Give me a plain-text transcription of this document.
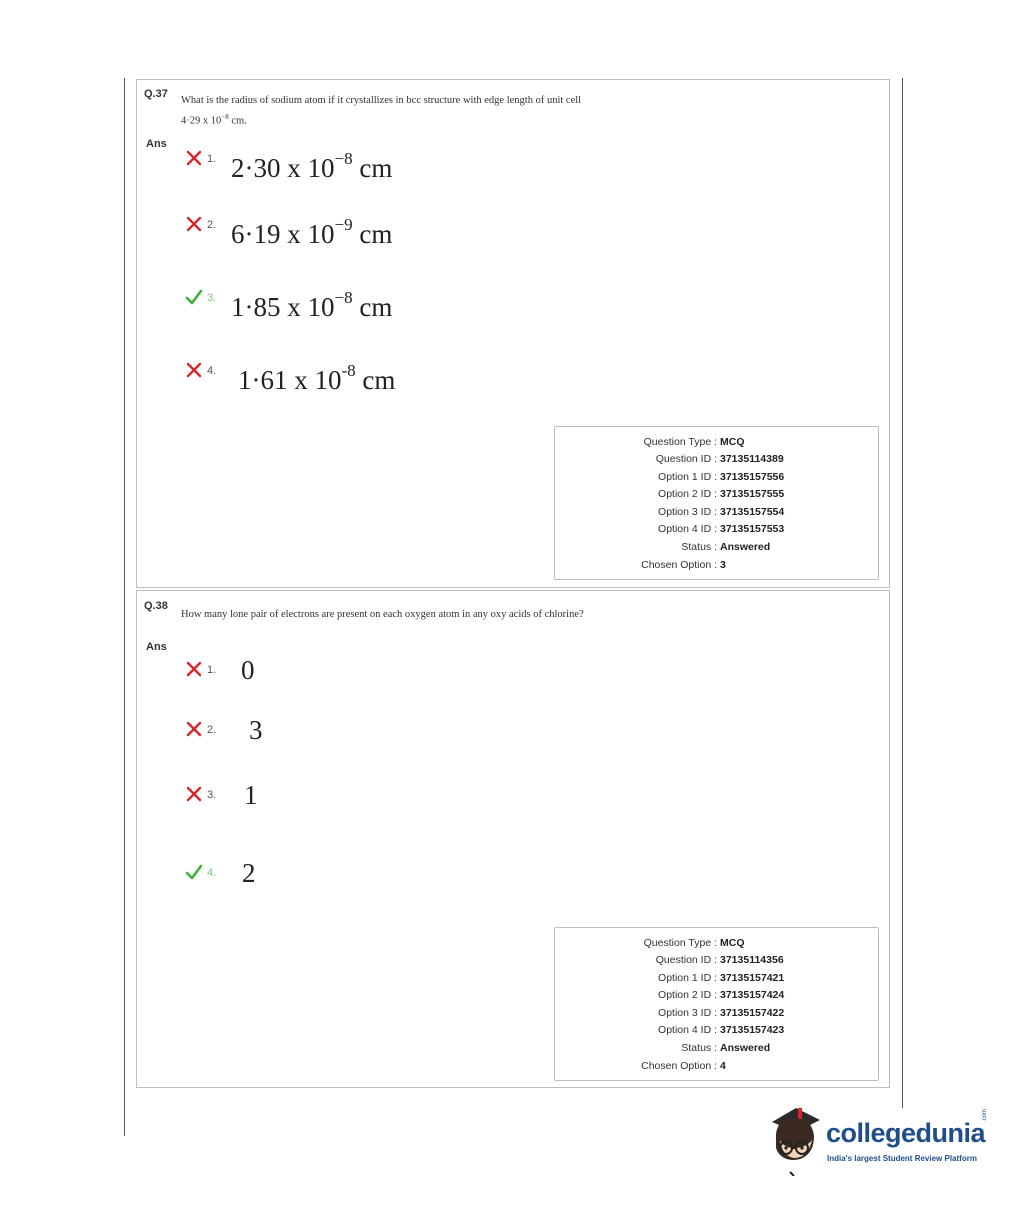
Q.37
What is the radius of sodium atom if it crystallizes in bcc structure with edge length of unit cell
4·29 x $10^{-8}$ cm.
Ans
1. 2·30 x $10^{-8}$ cm
2. 6·19 x $10^{-9}$ cm
3. 1·85 x $10^{-8}$ cm
4. 1·61 x $10^{-8}$ cm
Question Type : MCQ
Question ID : 37135114389
Option 1 ID : 37135157556
Option 2 ID : 37135157555
Option 3 ID : 37135157554
Option 4 ID : 37135157553
Status : Answered
Chosen Option : 3
Q.38
How many lone pair of electrons are present on each oxygen atom in any oxy acids of chlorine?
Ans
1. 0
2. 3
3. 1
4. 2
Question Type : MCQ
Question ID : 37135114356
Option 1 ID : 37135157421
Option 2 ID : 37135157424
Option 3 ID : 37135157422
Option 4 ID : 37135157423
Status : Answered
Chosen Option : 4
collegedunia
.com
India's largest Student Review Platform
